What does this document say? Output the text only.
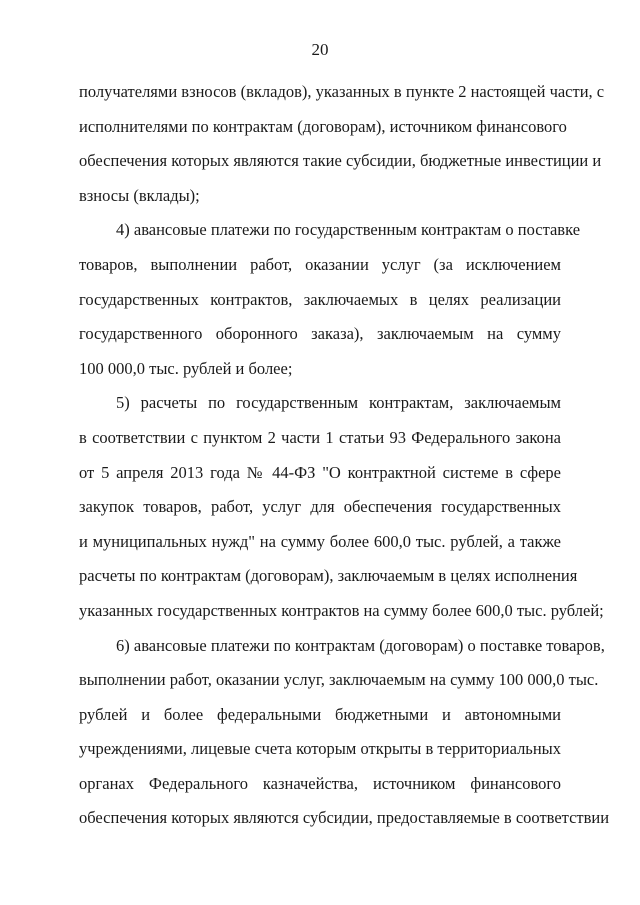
20

получателями взносов (вкладов), указанных в пункте 2 настоящей части, с
исполнителями по контрактам (договорам), источником финансового
обеспечения которых являются такие субсидии, бюджетные инвестиции и
взносы (вклады);

4) авансовые платежи по государственным контрактам о поставке
товаров, выполнении работ, оказании услуг (за исключением
государственных контрактов, заключаемых в целях реализации
государственного оборонного заказа), заключаемым на сумму
100 000,0 тыс. рублей и более;

5) расчеты по государственным контрактам, заключаемым
в соответствии с пунктом 2 части 1 статьи 93 Федерального закона
от 5 апреля 2013 года № 44-ФЗ "О контрактной системе в сфере
закупок товаров, работ, услуг для обеспечения государственных
и муниципальных нужд" на сумму более 600,0 тыс. рублей, а также
расчеты по контрактам (договорам), заключаемым в целях исполнения
указанных государственных контрактов на сумму более 600,0 тыс. рублей;

6) авансовые платежи по контрактам (договорам) о поставке товаров,
выполнении работ, оказании услуг, заключаемым на сумму 100 000,0 тыс.
рублей и более федеральными бюджетными и автономными
учреждениями, лицевые счета которым открыты в территориальных
органах Федерального казначейства, источником финансового
обеспечения которых являются субсидии, предоставляемые в соответствии
